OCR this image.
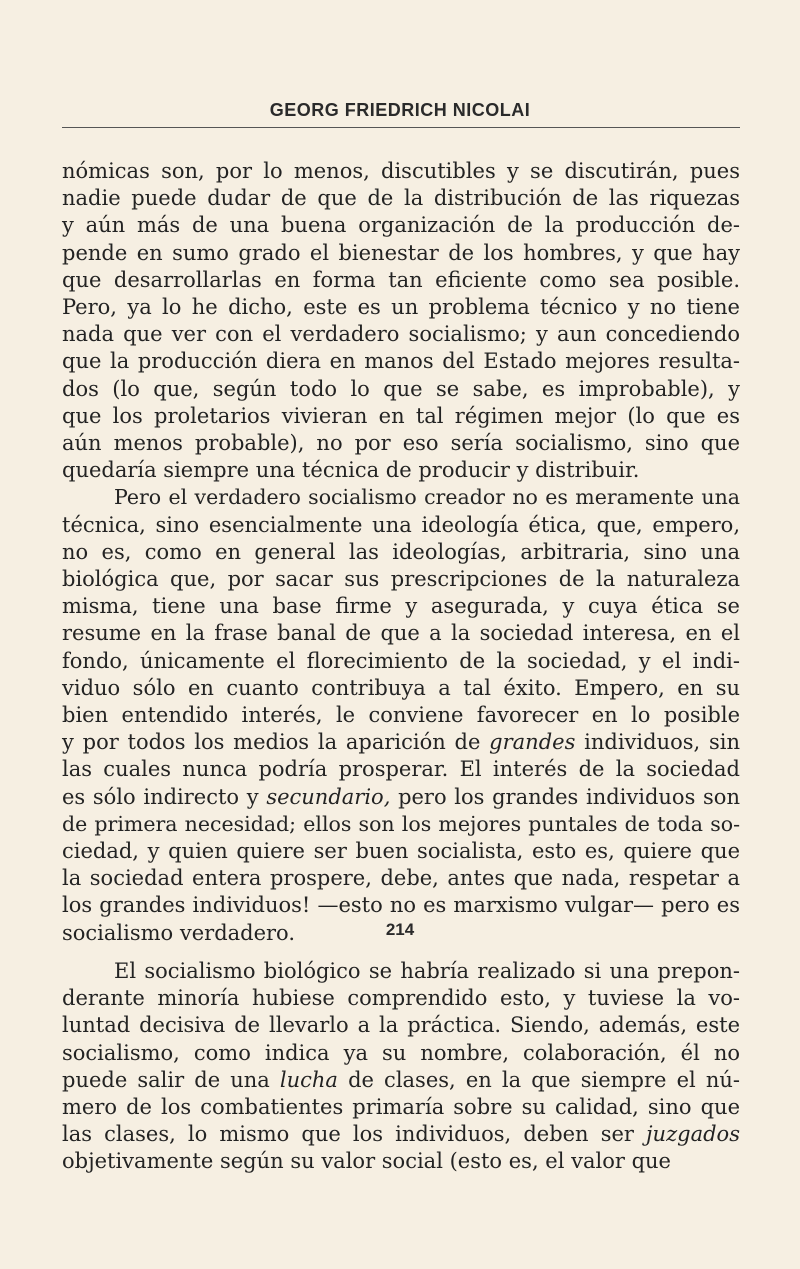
GEORG FRIEDRICH NICOLAI

nómicas son, por lo menos, discutibles y se discutirán, pues
nadie puede dudar de que de la distribución de las riquezas
y aún más de una buena organización de la producción de-
pende en sumo grado el bienestar de los hombres, y que hay
que desarrollarlas en forma tan eficiente como sea posible.
Pero, ya lo he dicho, este es un problema técnico y no tiene
nada que ver con el verdadero socialismo; y aun concediendo
que la producción diera en manos del Estado mejores resulta-
dos (lo que, según todo lo que se sabe, es improbable), y
que los proletarios vivieran en tal régimen mejor (lo que es
aún menos probable), no por eso sería socialismo, sino que
quedaría siempre una técnica de producir y distribuir.

Pero el verdadero socialismo creador no es meramente una
técnica, sino esencialmente una ideología ética, que, empero,
no es, como en general las ideologías, arbitraria, sino una
biológica que, por sacar sus prescripciones de la naturaleza
misma, tiene una base firme y asegurada, y cuya ética se
resume en la frase banal de que a la sociedad interesa, en el
fondo, únicamente el florecimiento de la sociedad, y el indi-
viduo sólo en cuanto contribuya a tal éxito. Empero, en su
bien entendido interés, le conviene favorecer en lo posible
y por todos los medios la aparición de grandes individuos, sin
las cuales nunca podría prosperar. El interés de la sociedad
es sólo indirecto y secundario, pero los grandes individuos son
de primera necesidad; ellos son los mejores puntales de toda so-
ciedad, y quien quiere ser buen socialista, esto es, quiere que
la sociedad entera prospere, debe, antes que nada, respetar a
los grandes individuos! —esto no es marxismo vulgar— pero es
socialismo verdadero.

El socialismo biológico se habría realizado si una prepon-
derante minoría hubiese comprendido esto, y tuviese la vo-
luntad decisiva de llevarlo a la práctica. Siendo, además, este
socialismo, como indica ya su nombre, colaboración, él no
puede salir de una lucha de clases, en la que siempre el nú-
mero de los combatientes primaría sobre su calidad, sino que
las clases, lo mismo que los individuos, deben ser juzgados
objetivamente según su valor social (esto es, el valor que

214
